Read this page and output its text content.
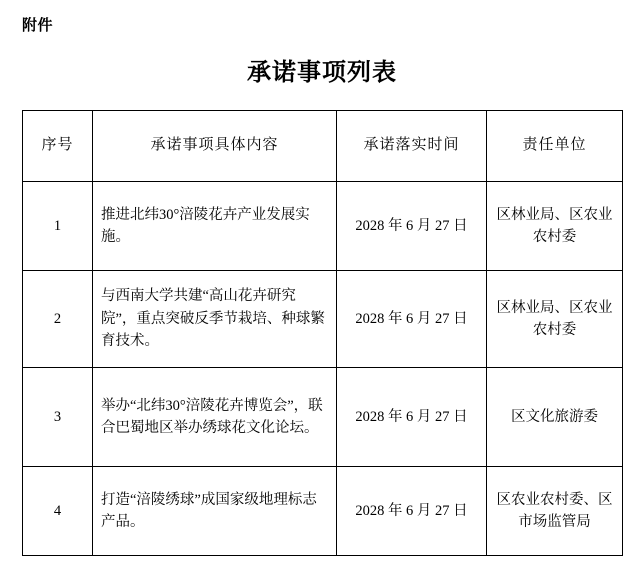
附件
承诺事项列表
序号	承诺事项具体内容	承诺落实时间	责任单位
1	推进北纬30°涪陵花卉产业发展实施。	2028 年 6 月 27 日	区林业局、区农业农村委
2	与西南大学共建“高山花卉研究院”，重点突破反季节栽培、种球繁育技术。	2028 年 6 月 27 日	区林业局、区农业农村委
3	举办“北纬30°涪陵花卉博览会”，联合巴蜀地区举办绣球花文化论坛。	2028 年 6 月 27 日	区文化旅游委
4	打造“涪陵绣球”成国家级地理标志产品。	2028 年 6 月 27 日	区农业农村委、区市场监管局
